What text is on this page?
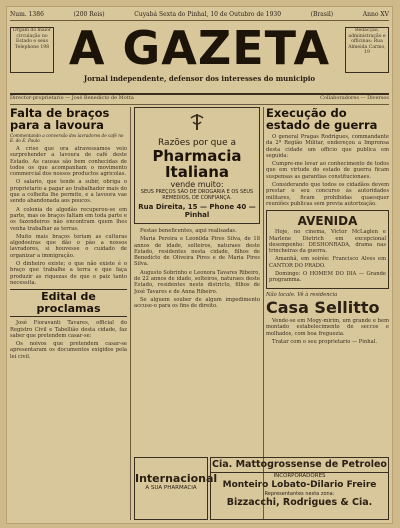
Num. 1386	(200 Reis)	Cuyabá Sexta do Pinhal, 10 de Outubro de 1930	(Brasil)	Anno XV
Orgam do maior circulação no Estado e seus Telephone 198 A GAZETA	Redacção, administração e officinas: Rua Almeida Carmo, 19
Jornal independente, defensor dos interesses do municipio
Director-proprietario — José Benedicto de Motta	Collaboradores — Diversos
Falta de braços para a lavoura
Commentando a conversão dos lavradores de café no E. do E. Paulo

A crise que ora atravessamos veio surprehender a lavoura de café deste Estado. As causas são bem conhecidas de todos os que acompanham o movimento commercial dos nossos productos agricolas.

O salario, que tende a subir, obriga o proprietario a pagar ao trabalhador mais do que a colheita lhe permite, e a lavoura vae sendo abandonada aos poucos.

A colonia de algodão recuperou-se em parte, mas os braços faltam em toda parte e os fazendeiros não encontram quem lhes venha trabalhar as terras.

Muito mais braços teriam as culturas algodoeiras que dão o pão a nossos lavradores, si houvesse o cuidado de organizar a immigração.

O dinheiro existe; o que não existe é o braço que trabalhe a terra e que faça produzir as riquezas de que o paiz tanto necessita.

Edital de proclamas

José Fioravanti Tavares, official do Registro Civil e Tabellião desta cidade, faz saber que pretendem casar-se:

Os noivos que pretendem casar-se apresentaram os documentos exigidos pela lei civil.

Razões por que a
Pharmacia Italiana
vende muito:
SEUS PREÇOS SÃO DE DROGARIA E OS SEUS REMEDIOS, DE CONFIANÇA.
Rua Direita, 15 — Phone 40 — Pinhal

Festas beneficentes, aqui realisadas.

Maria Pereira e Leonilda Pires Silva, de 18 annos de idade, solteiros, naturaes deste Estado, residentes nesta cidade, filhos de Benedicto de Oliveira Pires e de Maria Pires Silva.

Augusto Sobrinho e Leonora Tavares Ribeiro, de 22 annos de idade, solteiros, naturaes deste Estado, residentes neste districto, filhos de José Tavares e de Anna Ribeiro.

Se alguem souber de algum impedimento accuse-o para os fins de direito.

Execução do estado de guerra

O general Pragas Rodrigues, commandante da 2ª Região Militar, endereçou a Imprensa desta cidade um officio que publica em seguida:

Cumpre-me levar ao conhecimento de todos que em virtude do estado de guerra ficam suspensas as garantias constitucionaes.

Considerando que todos os cidadãos devem prestar o seu concurso às autoridades militares, ficam prohibidas quaesquer reuniões publicas sem previa autorização.

AVENIDA

Hoje, no cinema, Victor McLaglen e Marlene Dietrich em excepcional desempenho: DESHONRADA, drama nas trincheiras da guerra.

Amanhã, em soirée: Francisco Alves em CANTOR DO PRADO.

Domingo: O HOMEM DO DIA — Grande programma.

Não locale. Vê à residencia
Casa Sellitto

Vende-se em Mogy-mirim, um grande e bem montado estabelecimento de seccos e molhados, com boa freguezia.

Tratar com o seu proprietario — Pinhal.

Internacional
A SUA PHARMACIA
Cia. Mattogrossense de Petroleo
INCORPORADORES
Monteiro Lobato-Dilario Freire
Representantes nesta zona:
Bizzacchi, Rodrigues & Cia.
